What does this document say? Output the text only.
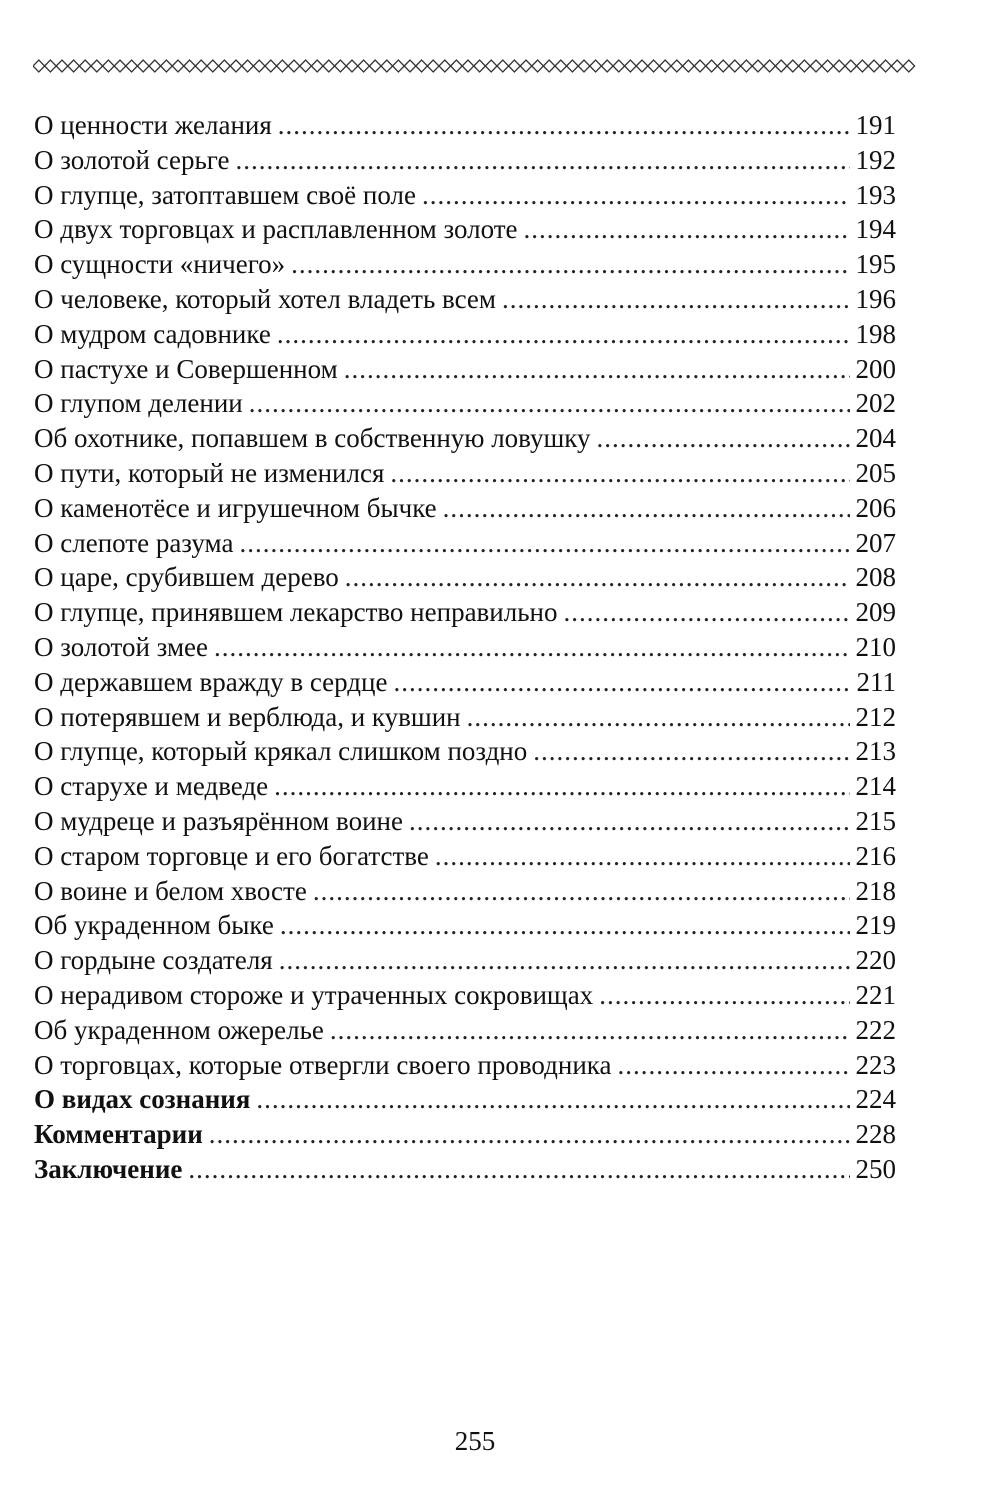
О ценности желания .....	191
О золотой серьге .....	192
О глупце, затоптавшем своё поле .....	193
О двух торговцах и расплавленном золоте .....	194
О сущности «ничего» .....	195
О человеке, который хотел владеть всем .....	196
О мудром садовнике .....	198
О пастухе и Совершенном .....	200
О глупом делении .....	202
Об охотнике, попавшем в собственную ловушку .....	204
О пути, который не изменился .....	205
О каменотёсе и игрушечном бычке .....	206
О слепоте разума .....	207
О царе, срубившем дерево .....	208
О глупце, принявшем лекарство неправильно .....	209
О золотой змее .....	210
О державшем вражду в сердце .....	211
О потерявшем и верблюда, и кувшин .....	212
О глупце, который крякал слишком поздно .....	213
О старухе и медведе .....	214
О мудреце и разъярённом воине .....	215
О старом торговце и его богатстве .....	216
О воине и белом хвосте .....	218
Об украденном быке .....	219
О гордыне создателя .....	220
О нерадивом стороже и утраченных сокровищах .....	221
Об украденном ожерелье .....	222
О торговцах, которые отвергли своего проводника .....	223
О видах сознания .....	224
Комментарии .....	228
Заключение .....	250
255
